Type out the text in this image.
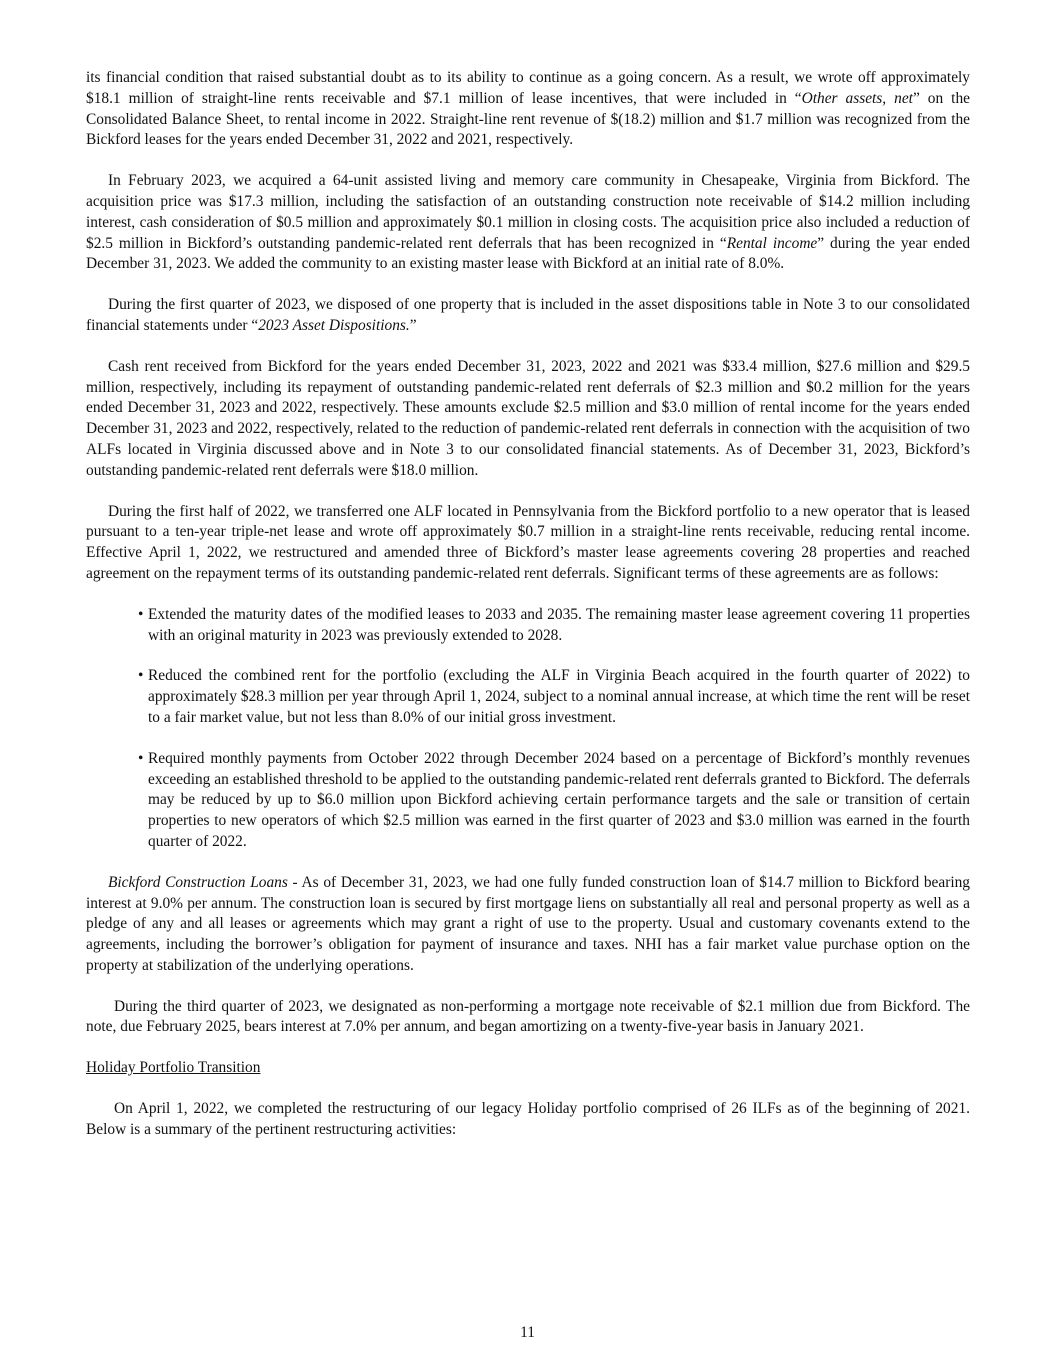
its financial condition that raised substantial doubt as to its ability to continue as a going concern. As a result, we wrote off approximately $18.1 million of straight-line rents receivable and $7.1 million of lease incentives, that were included in “Other assets, net” on the Consolidated Balance Sheet, to rental income in 2022. Straight-line rent revenue of $(18.2) million and $1.7 million was recognized from the Bickford leases for the years ended December 31, 2022 and 2021, respectively.

In February 2023, we acquired a 64-unit assisted living and memory care community in Chesapeake, Virginia from Bickford. The acquisition price was $17.3 million, including the satisfaction of an outstanding construction note receivable of $14.2 million including interest, cash consideration of $0.5 million and approximately $0.1 million in closing costs. The acquisition price also included a reduction of $2.5 million in Bickford’s outstanding pandemic-related rent deferrals that has been recognized in “Rental income” during the year ended December 31, 2023. We added the community to an existing master lease with Bickford at an initial rate of 8.0%.

During the first quarter of 2023, we disposed of one property that is included in the asset dispositions table in Note 3 to our consolidated financial statements under “2023 Asset Dispositions.”

Cash rent received from Bickford for the years ended December 31, 2023, 2022 and 2021 was $33.4 million, $27.6 million and $29.5 million, respectively, including its repayment of outstanding pandemic-related rent deferrals of $2.3 million and $0.2 million for the years ended December 31, 2023 and 2022, respectively. These amounts exclude $2.5 million and $3.0 million of rental income for the years ended December 31, 2023 and 2022, respectively, related to the reduction of pandemic-related rent deferrals in connection with the acquisition of two ALFs located in Virginia discussed above and in Note 3 to our consolidated financial statements. As of December 31, 2023, Bickford’s outstanding pandemic-related rent deferrals were $18.0 million.

During the first half of 2022, we transferred one ALF located in Pennsylvania from the Bickford portfolio to a new operator that is leased pursuant to a ten-year triple-net lease and wrote off approximately $0.7 million in a straight-line rents receivable, reducing rental income. Effective April 1, 2022, we restructured and amended three of Bickford’s master lease agreements covering 28 properties and reached agreement on the repayment terms of its outstanding pandemic-related rent deferrals. Significant terms of these agreements are as follows:

• Extended the maturity dates of the modified leases to 2033 and 2035. The remaining master lease agreement covering 11 properties with an original maturity in 2023 was previously extended to 2028.
• Reduced the combined rent for the portfolio (excluding the ALF in Virginia Beach acquired in the fourth quarter of 2022) to approximately $28.3 million per year through April 1, 2024, subject to a nominal annual increase, at which time the rent will be reset to a fair market value, but not less than 8.0% of our initial gross investment.
• Required monthly payments from October 2022 through December 2024 based on a percentage of Bickford’s monthly revenues exceeding an established threshold to be applied to the outstanding pandemic-related rent deferrals granted to Bickford. The deferrals may be reduced by up to $6.0 million upon Bickford achieving certain performance targets and the sale or transition of certain properties to new operators of which $2.5 million was earned in the first quarter of 2023 and $3.0 million was earned in the fourth quarter of 2022.

Bickford Construction Loans - As of December 31, 2023, we had one fully funded construction loan of $14.7 million to Bickford bearing interest at 9.0% per annum. The construction loan is secured by first mortgage liens on substantially all real and personal property as well as a pledge of any and all leases or agreements which may grant a right of use to the property. Usual and customary covenants extend to the agreements, including the borrower’s obligation for payment of insurance and taxes. NHI has a fair market value purchase option on the property at stabilization of the underlying operations.

During the third quarter of 2023, we designated as non-performing a mortgage note receivable of $2.1 million due from Bickford. The note, due February 2025, bears interest at 7.0% per annum, and began amortizing on a twenty-five-year basis in January 2021.

Holiday Portfolio Transition

On April 1, 2022, we completed the restructuring of our legacy Holiday portfolio comprised of 26 ILFs as of the beginning of 2021. Below is a summary of the pertinent restructuring activities:

11
